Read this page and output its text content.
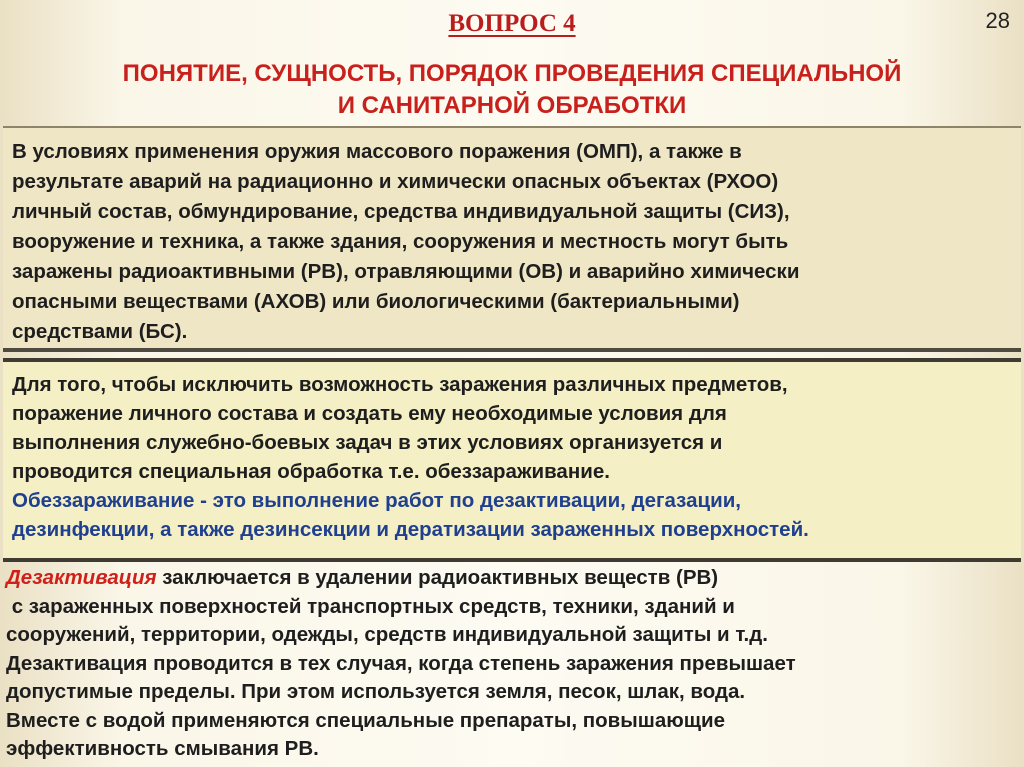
28
ВОПРОС 4
ПОНЯТИЕ, СУЩНОСТЬ, ПОРЯДОК ПРОВЕДЕНИЯ СПЕЦИАЛЬНОЙ
И САНИТАРНОЙ ОБРАБОТКИ
В условиях применения оружия массового поражения (ОМП), а также в
результате аварий на радиационно и химически опасных объектах (РХОО)
личный состав, обмундирование, средства индивидуальной защиты (СИЗ),
вооружение и техника, а также здания, сооружения и местность могут быть
заражены радиоактивными (РВ), отравляющими (ОВ) и аварийно химически
опасными веществами (АХОВ) или биологическими (бактериальными)
средствами (БС).
Для того, чтобы исключить возможность заражения различных предметов,
поражение личного состава и создать ему необходимые условия для
выполнения служебно-боевых задач в этих условиях организуется и
проводится специальная обработка т.е. обеззараживание.
Обеззараживание - это выполнение работ по дезактивации, дегазации,
дезинфекции, а также дезинсекции и дератизации зараженных поверхностей.
Дезактивация заключается в удалении радиоактивных веществ (РВ)
с зараженных поверхностей транспортных средств, техники, зданий и
сооружений, территории, одежды, средств индивидуальной защиты и т.д.
Дезактивация проводится в тех случая, когда степень заражения превышает
допустимые пределы. При этом используется земля, песок, шлак, вода.
Вместе с водой применяются специальные препараты, повышающие
эффективность смывания РВ.
